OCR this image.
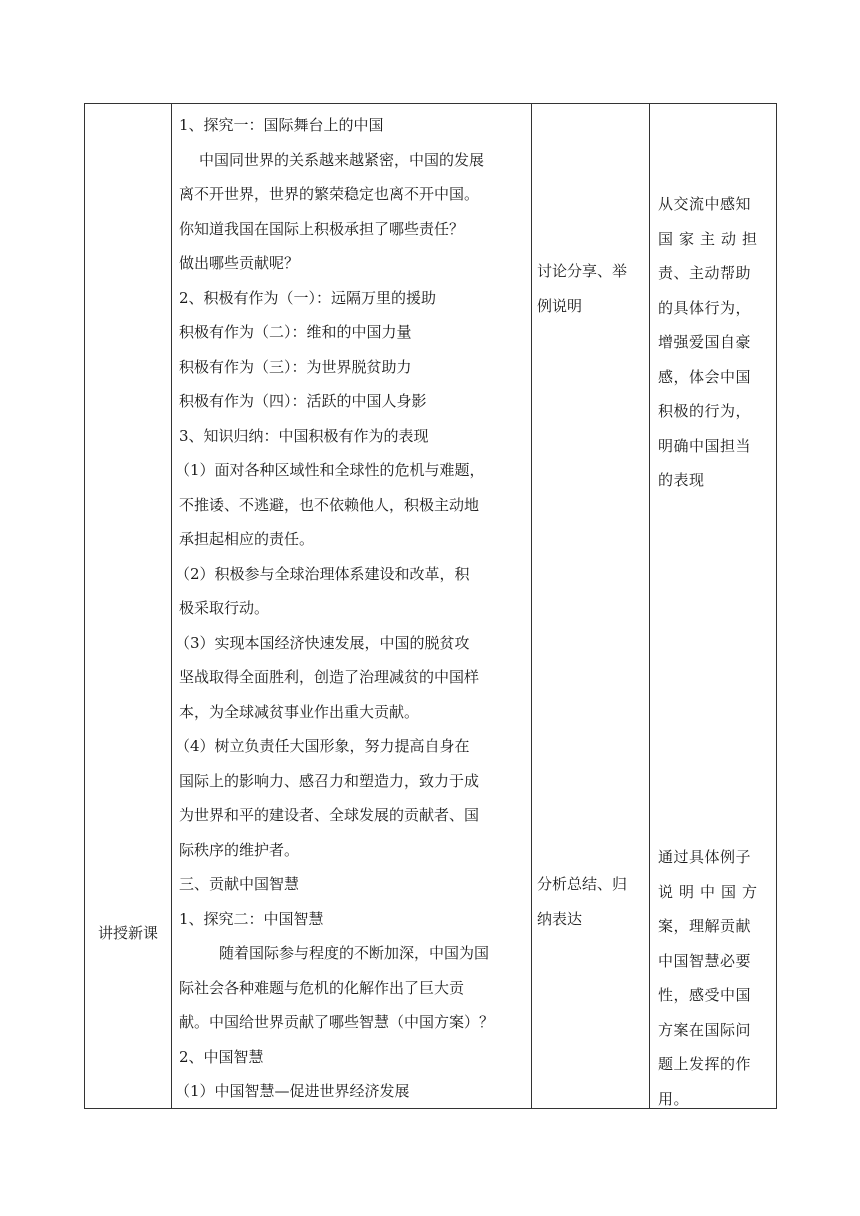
讲授新课
1、探究一：国际舞台上的中国
中国同世界的关系越来越紧密，中国的发展
离不开世界，世界的繁荣稳定也离不开中国。
你知道我国在国际上积极承担了哪些责任？
做出哪些贡献呢？
2、积极有作为（一）：远隔万里的援助
积极有作为（二）：维和的中国力量
积极有作为（三）：为世界脱贫助力
积极有作为（四）：活跃的中国人身影
3、知识归纳：中国积极有作为的表现
（1）面对各种区域性和全球性的危机与难题，
不推诿、不逃避，也不依赖他人，积极主动地
承担起相应的责任。
（2）积极参与全球治理体系建设和改革，积
极采取行动。
（3）实现本国经济快速发展，中国的脱贫攻
坚战取得全面胜利，创造了治理减贫的中国样
本，为全球减贫事业作出重大贡献。
（4）树立负责任大国形象，努力提高自身在
国际上的影响力、感召力和塑造力，致力于成
为世界和平的建设者、全球发展的贡献者、国
际秩序的维护者。
三、贡献中国智慧
1、探究二：中国智慧
随着国际参与程度的不断加深，中国为国
际社会各种难题与危机的化解作出了巨大贡
献。中国给世界贡献了哪些智慧（中国方案）？
2、中国智慧
（1）中国智慧—促进世界经济发展
讨论分享、举
例说明
分析总结、归
纳表达
从交流中感知
国家主动担
责、主动帮助
的具体行为，
增强爱国自豪
感，体会中国
积极的行为，
明确中国担当
的表现
通过具体例子
说明中国方
案，理解贡献
中国智慧必要
性，感受中国
方案在国际问
题上发挥的作
用。
